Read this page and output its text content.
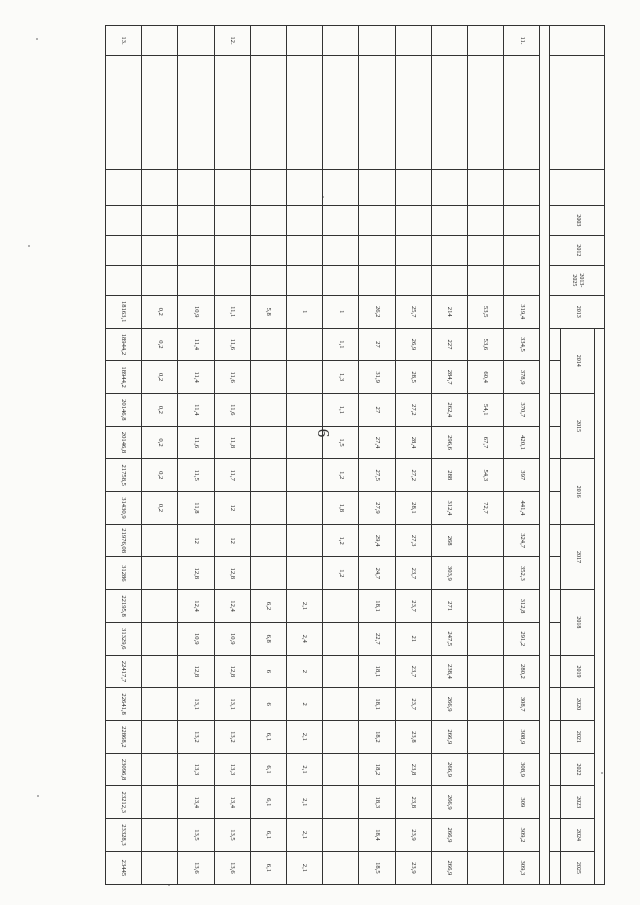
6
			2003	2012	2013-2025	2013																	
							2014		2015		2016		2017		2018		2019	2020	2021	2022	2023	2024	2025

11.						319,4	334,5	378,9	370,7	420,1	397	441,4	324,7	352,3	312,8	291,2	280,2	308,7	308,9	308,9	309	309,2	309,3
						53,5	53,6	60,4	54,1	67,7	54,3	72,7											
						214	227	284,7	262,4	296,6	288	312,4	268	303,9	271	247,5	238,4	266,9	266,9	266,9	266,9	266,9	266,9
						25,7	26,9	28,5	27,2	28,4	27,2	28,1	27,3	23,7	23,7	21	23,7	23,7	23,8	23,8	23,8	23,9	23,9
						26,2	27	31,9	27	27,4	27,5	27,9	29,4	24,7	18,1	22,7	18,1	18,1	18,2	18,2	18,3	18,4	18,5
						1	1,1	1,3	1,1	1,5	1,2	1,8	1,2	1,2									
						1									2,1	2,4	2	2	2,1	2,1	2,1	2,1	2,1
						5,8									6,2	6,8	6	6	6,1	6,1	6,1	6,1	6,1
12.						11,1	11,6	11,6	11,6	11,8	11,7	12	12	12,8	12,4	10,9	12,8	13,1	13,2	13,3	13,4	13,5	13,6
						10,9	11,4	11,4	11,4	11,6	11,5	11,8	12	12,8	12,4	10,9	12,8	13,1	13,2	13,3	13,4	13,5	13,6
						0,2	0,2	0,2	0,2	0,2	0,2	0,2											
13.						18163,1	18944,2	18944,2	20146,8	20146,8	21758,5	31430,9	21976,08	31286	22195,8	31329,6	22417,7	22641,8	22868,2	23096,8	23212,3	23328,3	23445
